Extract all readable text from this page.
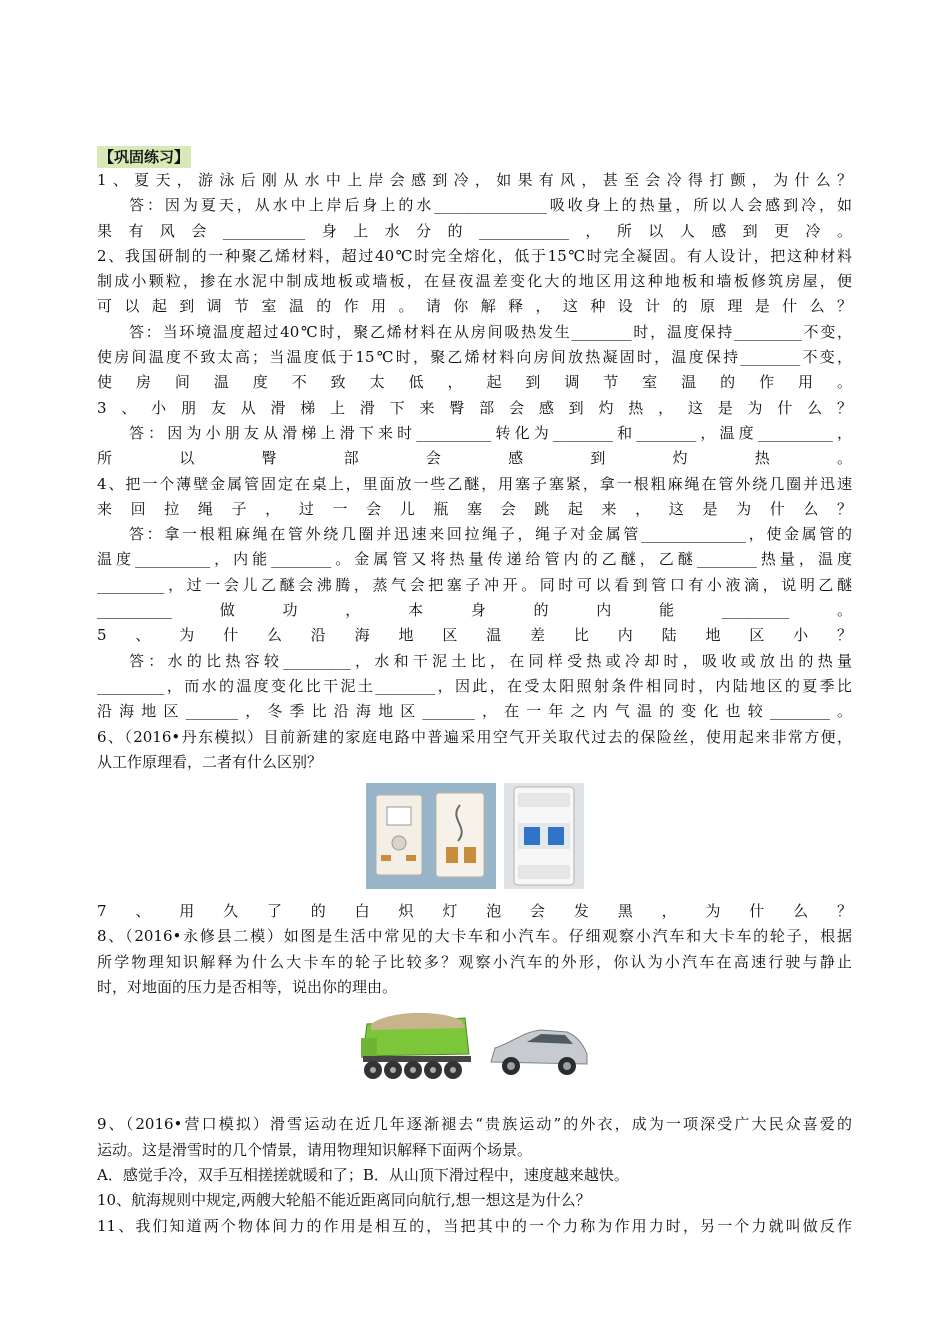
【巩固练习】
1、夏天，游泳后刚从水中上岸会感到冷，如果有风，甚至会冷得打颤，为什么？
答：因为夏天，从水中上岸后身上的水_______________吸收身上的热量，所以人会感到冷，如
果有风会___________身上水分的____________，所以人感到更冷。
2、我国研制的一种聚乙烯材料，超过40℃时完全熔化，低于15℃时完全凝固。有人设计，把这种材料
制成小颗粒，掺在水泥中制成地板或墙板，在昼夜温差变化大的地区用这种地板和墙板修筑房屋，便
可以起到调节室温的作用。请你解释，这种设计的原理是什么？
答：当环境温度超过40℃时，聚乙烯材料在从房间吸热发生________时，温度保持_________不变，
使房间温度不致太高；当温度低于15℃时，聚乙烯材料向房间放热凝固时，温度保持________不变，
使房间温度不致太低，起到调节室温的作用。
3、小朋友从滑梯上滑下来臀部会感到灼热，这是为什么？
答：因为小朋友从滑梯上滑下来时__________转化为________和________，温度__________，
所以臀部会感到灼热。
4、把一个薄壁金属管固定在桌上，里面放一些乙醚，用塞子塞紧，拿一根粗麻绳在管外绕几圈并迅速
来回拉绳子，过一会儿瓶塞会跳起来，这是为什么？
答：拿一根粗麻绳在管外绕几圈并迅速来回拉绳子，绳子对金属管______________，使金属管的
温度__________，内能________。金属管又将热量传递给管内的乙醚，乙醚________热量，温度
_________，过一会儿乙醚会沸腾，蒸气会把塞子冲开。同时可以看到管口有小液滴，说明乙醚
__________做功，本身的内能_________。
5、为什么沿海地区温差比内陆地区小？
答：水的比热容较_________，水和干泥土比，在同样受热或冷却时，吸收或放出的热量
_________，而水的温度变化比干泥土________，因此，在受太阳照射条件相同时，内陆地区的夏季比
沿海地区_______，冬季比沿海地区_______，在一年之内气温的变化也较________。
6、（2016•丹东模拟）目前新建的家庭电路中普遍采用空气开关取代过去的保险丝，使用起来非常方便，
从工作原理看，二者有什么区别？
7、用久了的白炽灯泡会发黑，为什么？
8、（2016•永修县二模）如图是生活中常见的大卡车和小汽车。仔细观察小汽车和大卡车的轮子，根据
所学物理知识解释为什么大卡车的轮子比较多？观察小汽车的外形，你认为小汽车在高速行驶与静止
时，对地面的压力是否相等，说出你的理由。
9、（2016•营口模拟）滑雪运动在近几年逐渐褪去“贵族运动”的外衣，成为一项深受广大民众喜爱的
运动。这是滑雪时的几个情景，请用物理知识解释下面两个场景。
A．感觉手冷，双手互相搓搓就暖和了；B．从山顶下滑过程中，速度越来越快。
10、航海规则中规定,两艘大轮船不能近距离同向航行,想一想这是为什么？
11、我们知道两个物体间力的作用是相互的，当把其中的一个力称为作用力时，另一个力就叫做反作
